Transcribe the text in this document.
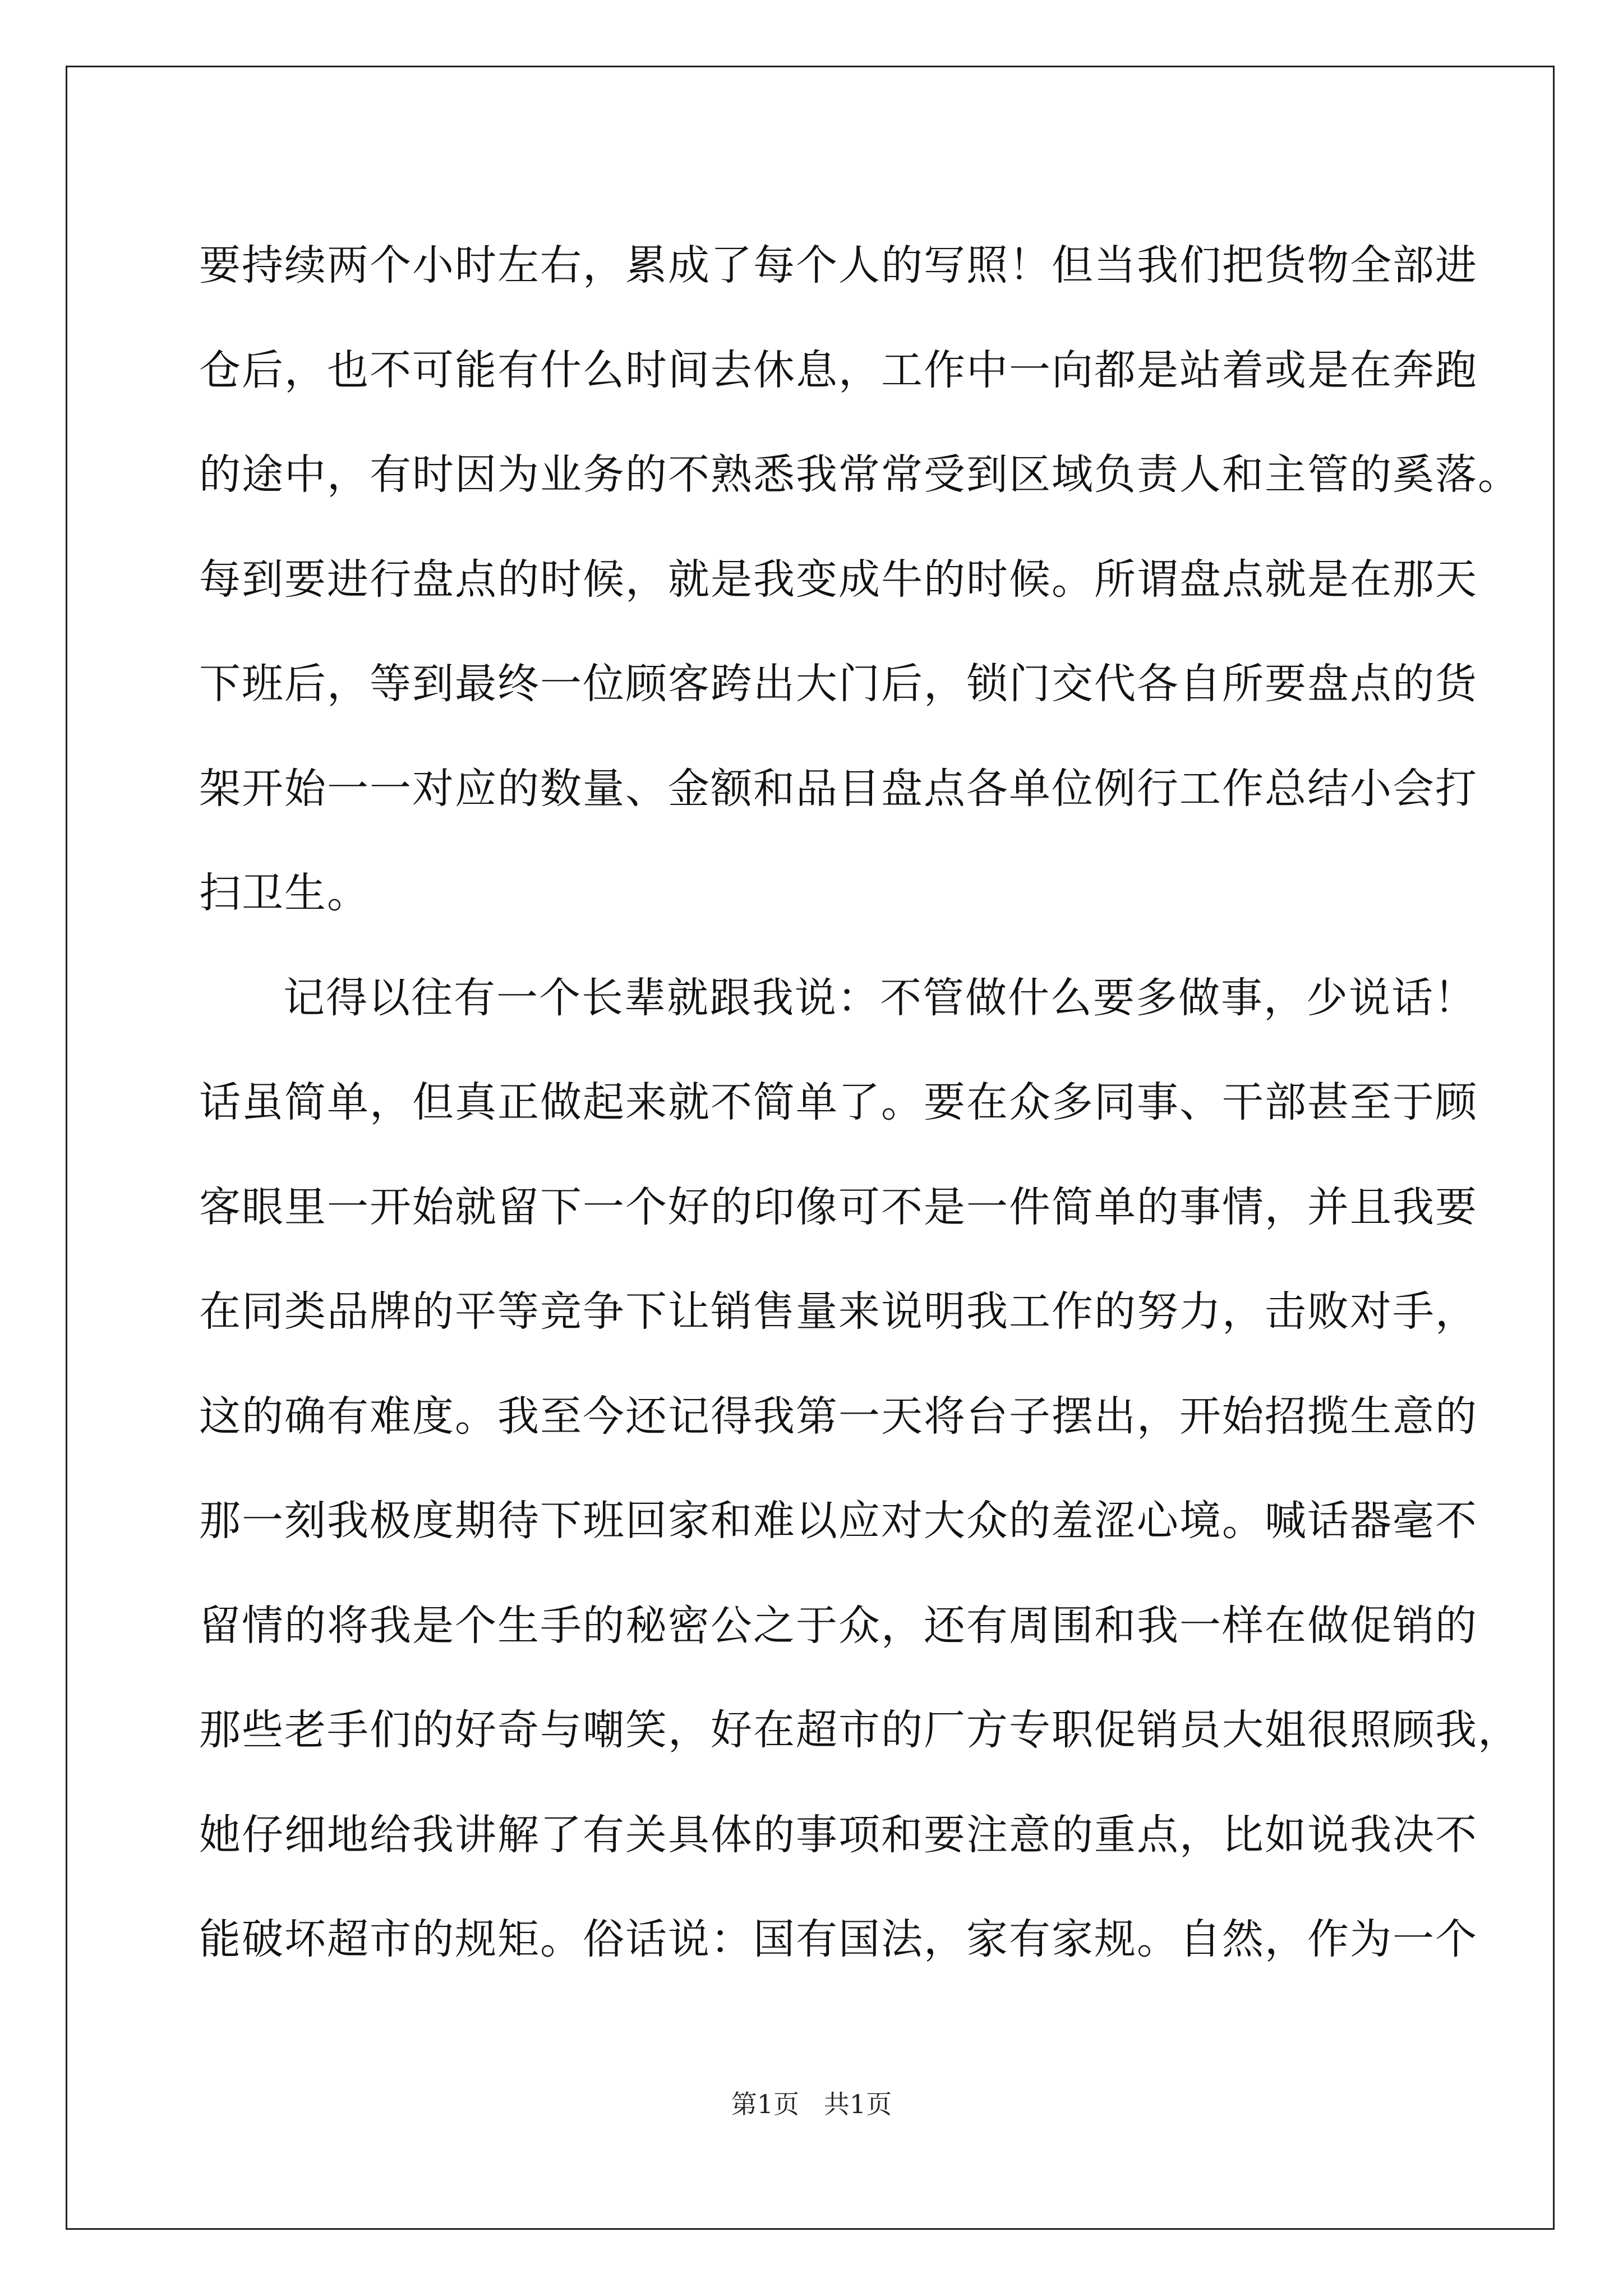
要持续两个小时左右，累成了每个人的写照！但当我们把货物全部进
仓后，也不可能有什么时间去休息，工作中一向都是站着或是在奔跑
的途中，有时因为业务的不熟悉我常常受到区域负责人和主管的奚落。
每到要进行盘点的时候，就是我变成牛的时候。所谓盘点就是在那天
下班后，等到最终一位顾客跨出大门后，锁门交代各自所要盘点的货
架开始一一对应的数量、金额和品目盘点各单位例行工作总结小会打
扫卫生。
记得以往有一个长辈就跟我说：不管做什么要多做事，少说话！
话虽简单，但真正做起来就不简单了。要在众多同事、干部甚至于顾
客眼里一开始就留下一个好的印像可不是一件简单的事情，并且我要
在同类品牌的平等竞争下让销售量来说明我工作的努力，击败对手，
这的确有难度。我至今还记得我第一天将台子摆出，开始招揽生意的
那一刻我极度期待下班回家和难以应对大众的羞涩心境。喊话器毫不
留情的将我是个生手的秘密公之于众，还有周围和我一样在做促销的
那些老手们的好奇与嘲笑，好在超市的厂方专职促销员大姐很照顾我，
她仔细地给我讲解了有关具体的事项和要注意的重点，比如说我决不
能破坏超市的规矩。俗话说：国有国法，家有家规。自然，作为一个
第1页   共1页
